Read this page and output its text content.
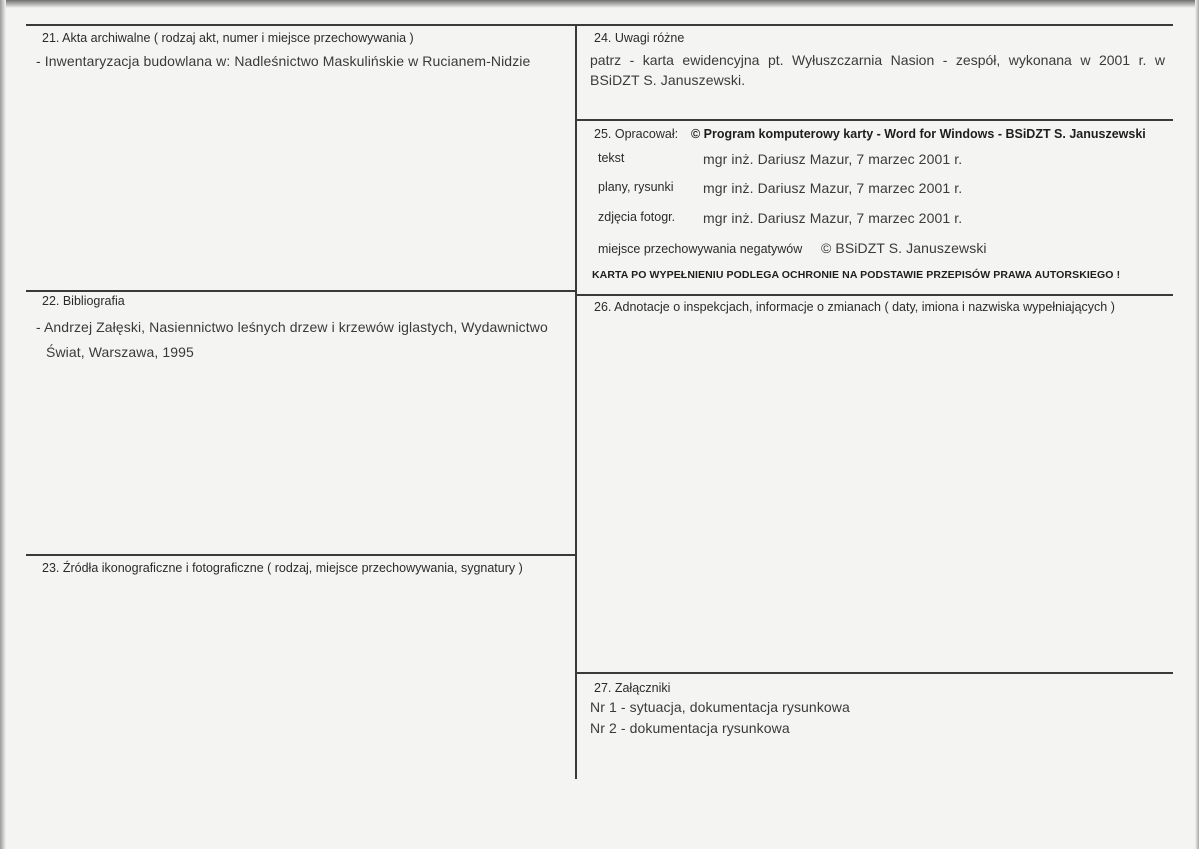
21. Akta archiwalne ( rodzaj akt, numer i miejsce przechowywania )
- Inwentaryzacja budowlana w: Nadleśnictwo Maskulińskie w Rucianem-Nidzie
22. Bibliografia
- Andrzej Załęski, Nasiennictwo leśnych drzew i krzewów iglastych, Wydawnictwo
Świat, Warszawa, 1995
23. Źródła ikonograficzne i fotograficzne ( rodzaj, miejsce przechowywania, sygnatury )
24. Uwagi różne
patrz - karta ewidencyjna pt. Wyłuszczarnia Nasion - zespół, wykonana w 2001 r. w
BSiDZT S. Januszewski.
25. Opracował: © Program komputerowy karty - Word for Windows - BSiDZT S. Januszewski
tekst	mgr inż. Dariusz Mazur, 7 marzec 2001 r.
plany, rysunki mgr inż. Dariusz Mazur, 7 marzec 2001 r.
zdjęcia fotogr. mgr inż. Dariusz Mazur, 7 marzec 2001 r.
miejsce przechowywania negatywów © BSiDZT S. Januszewski
KARTA PO WYPEŁNIENIU PODLEGA OCHRONIE NA PODSTAWIE PRZEPISÓW PRAWA AUTORSKIEGO !
26. Adnotacje o inspekcjach, informacje o zmianach ( daty, imiona i nazwiska wypełniających )
27. Załączniki
Nr 1 - sytuacja, dokumentacja rysunkowa
Nr 2 - dokumentacja rysunkowa
